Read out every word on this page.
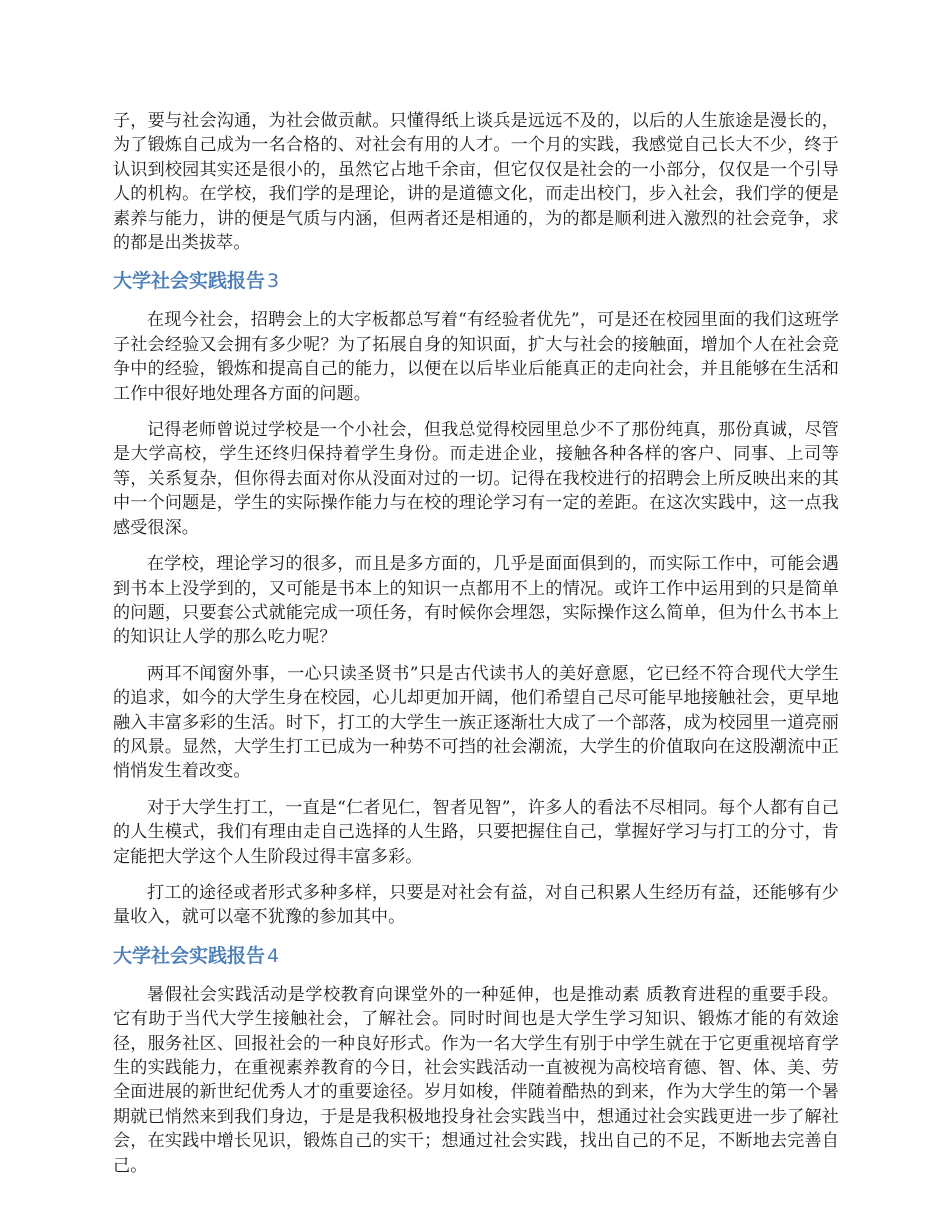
子，要与社会沟通，为社会做贡献。只懂得纸上谈兵是远远不及的，以后的人生旅途是漫长的，为了锻炼自己成为一名合格的、对社会有用的人才。一个月的实践，我感觉自己长大不少，终于认识到校园其实还是很小的，虽然它占地千余亩，但它仅仅是社会的一小部分，仅仅是一个引导人的机构。在学校，我们学的是理论，讲的是道德文化，而走出校门，步入社会，我们学的便是素养与能力，讲的便是气质与内涵，但两者还是相通的，为的都是顺利进入激烈的社会竞争，求的都是出类拔萃。

大学社会实践报告 3

在现今社会，招聘会上的大字板都总写着“有经验者优先”，可是还在校园里面的我们这班学子社会经验又会拥有多少呢？为了拓展自身的知识面，扩大与社会的接触面，增加个人在社会竞争中的经验，锻炼和提高自己的能力，以便在以后毕业后能真正的走向社会，并且能够在生活和工作中很好地处理各方面的问题。

记得老师曾说过学校是一个小社会，但我总觉得校园里总少不了那份纯真，那份真诚，尽管是大学高校，学生还终归保持着学生身份。而走进企业，接触各种各样的客户、同事、上司等等，关系复杂，但你得去面对你从没面对过的一切。记得在我校进行的招聘会上所反映出来的其中一个问题是，学生的实际操作能力与在校的理论学习有一定的差距。在这次实践中，这一点我感受很深。

在学校，理论学习的很多，而且是多方面的，几乎是面面俱到的，而实际工作中，可能会遇到书本上没学到的，又可能是书本上的知识一点都用不上的情况。或许工作中运用到的只是简单的问题，只要套公式就能完成一项任务，有时候你会埋怨，实际操作这么简单，但为什么书本上的知识让人学的那么吃力呢？

两耳不闻窗外事，一心只读圣贤书”只是古代读书人的美好意愿，它已经不符合现代大学生的追求，如今的大学生身在校园，心儿却更加开阔，他们希望自己尽可能早地接触社会，更早地融入丰富多彩的生活。时下，打工的大学生一族正逐渐壮大成了一个部落，成为校园里一道亮丽的风景。显然，大学生打工已成为一种势不可挡的社会潮流，大学生的价值取向在这股潮流中正悄悄发生着改变。

对于大学生打工，一直是“仁者见仁，智者见智”，许多人的看法不尽相同。每个人都有自己的人生模式，我们有理由走自己选择的人生路，只要把握住自己，掌握好学习与打工的分寸，肯定能把大学这个人生阶段过得丰富多彩。

打工的途径或者形式多种多样，只要是对社会有益，对自己积累人生经历有益，还能够有少量收入，就可以毫不犹豫的参加其中。

大学社会实践报告 4

暑假社会实践活动是学校教育向课堂外的一种延伸，也是推动素 质教育进程的重要手段。它有助于当代大学生接触社会，了解社会。同时时间也是大学生学习知识、锻炼才能的有效途径，服务社区、回报社会的一种良好形式。作为一名大学生有别于中学生就在于它更重视培育学生的实践能力，在重视素养教育的今日，社会实践活动一直被视为高校培育德、智、体、美、劳全面进展的新世纪优秀人才的重要途径。岁月如梭，伴随着酷热的到来，作为大学生的第一个暑期就已悄然来到我们身边，于是是我积极地投身社会实践当中，想通过社会实践更进一步了解社会，在实践中增长见识，锻炼自己的实干；想通过社会实践，找出自己的不足，不断地去完善自己。
